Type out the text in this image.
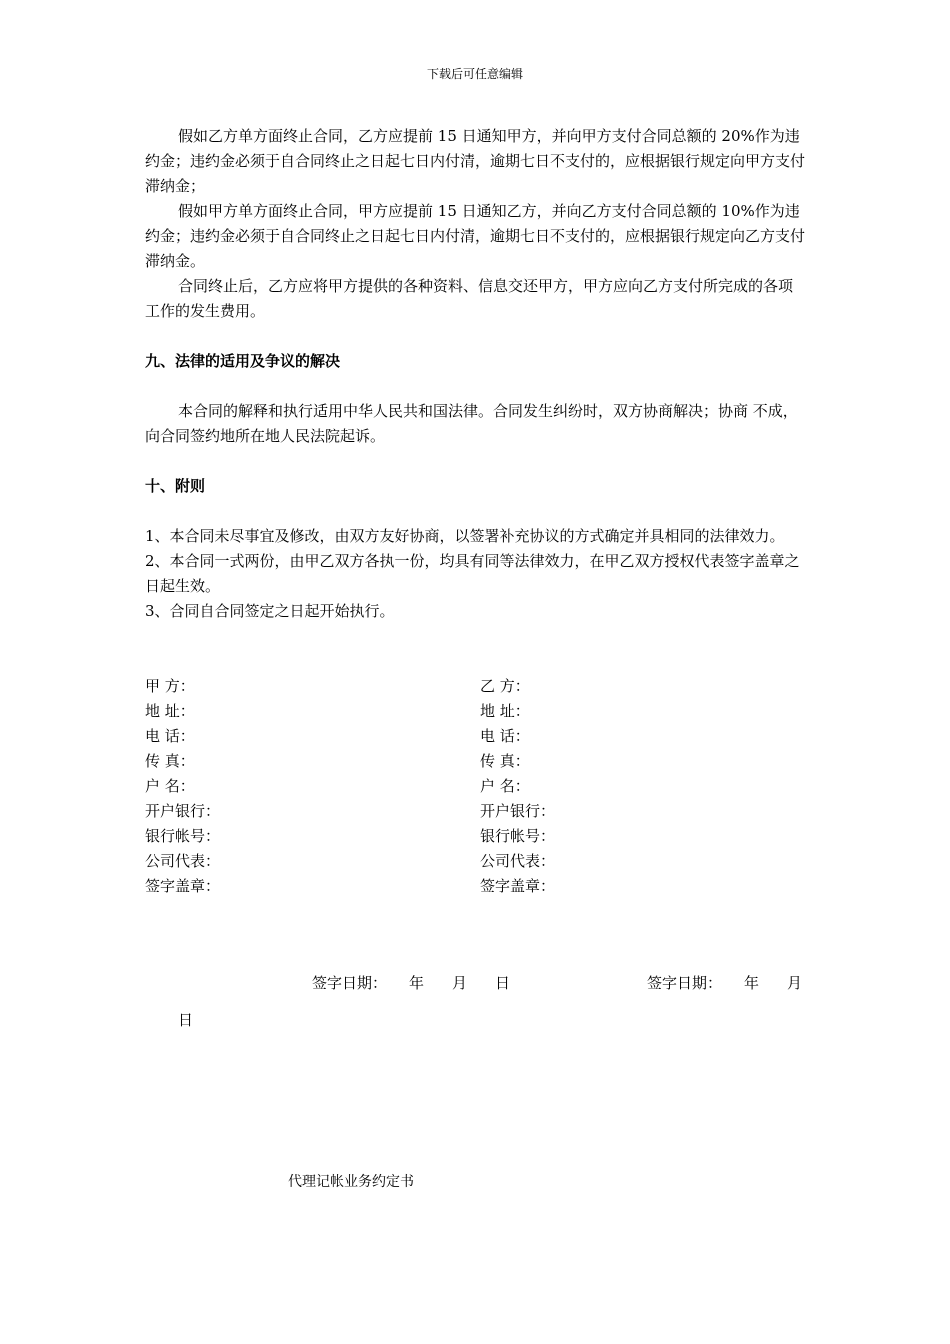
下载后可任意编辑

假如乙方单方面终止合同，乙方应提前 15 日通知甲方，并向甲方支付合同总额的 20%作为违约金；违约金必须于自合同终止之日起七日内付清，逾期七日不支付的，应根据银行规定向甲方支付滞纳金；

假如甲方单方面终止合同，甲方应提前 15 日通知乙方，并向乙方支付合同总额的 10%作为违约金；违约金必须于自合同终止之日起七日内付清，逾期七日不支付的，应根据银行规定向乙方支付滞纳金。

合同终止后，乙方应将甲方提供的各种资料、信息交还甲方，甲方应向乙方支付所完成的各项工作的发生费用。

九、法律的适用及争议的解决

本合同的解释和执行适用中华人民共和国法律。合同发生纠纷时，双方协商解决；协商 不成，向合同签约地所在地人民法院起诉。

十、附则

1、本合同未尽事宜及修改，由双方友好协商，以签署补充协议的方式确定并具相同的法律效力。

2、本合同一式两份，由甲乙双方各执一份，均具有同等法律效力，在甲乙双方授权代表签字盖章之日起生效。

3、合同自合同签定之日起开始执行。

甲 方：
地 址：
电 话：
传 真：
户 名：
开户银行：
银行帐号：
公司代表：
签字盖章：
乙 方：
地 址：
电 话：
传 真：
户 名：
开户银行：
银行帐号：
公司代表：
签字盖章：
签字日期： 年 月 日	签字日期： 年 月
日
代理记帐业务约定书
